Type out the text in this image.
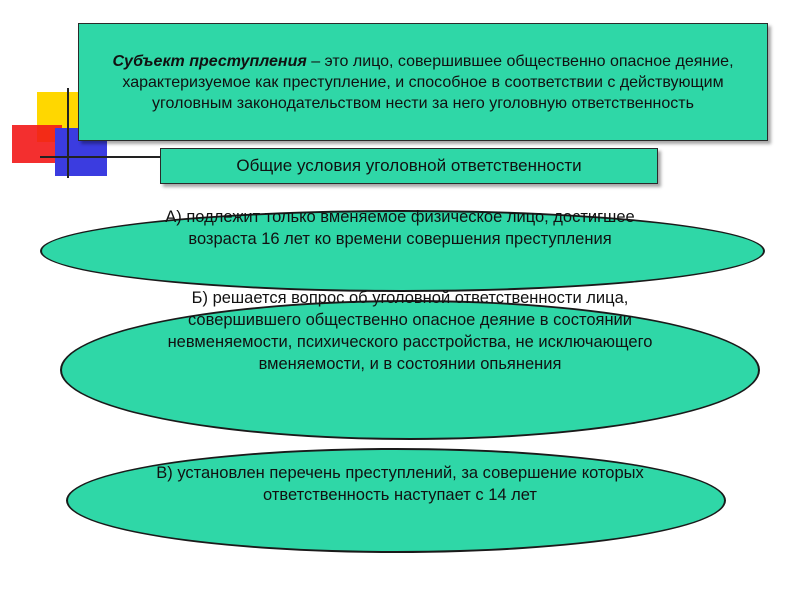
Субъект преступления – это лицо, совершившее общественно опасное деяние, характеризуемое как преступление, и способное в соответствии с действующим уголовным законодательством нести за него уголовную ответственность
Общие условия уголовной ответственности
А) подлежит только вменяемое физическое лицо, достигшее
возраста 16 лет ко времени совершения преступления
Б) решается вопрос об уголовной ответственности лица,
совершившего общественно опасное деяние в состоянии
невменяемости, психического расстройства, не исключающего
вменяемости, и в состоянии опьянения
В) установлен перечень преступлений, за совершение которых
ответственность наступает с 14 лет
